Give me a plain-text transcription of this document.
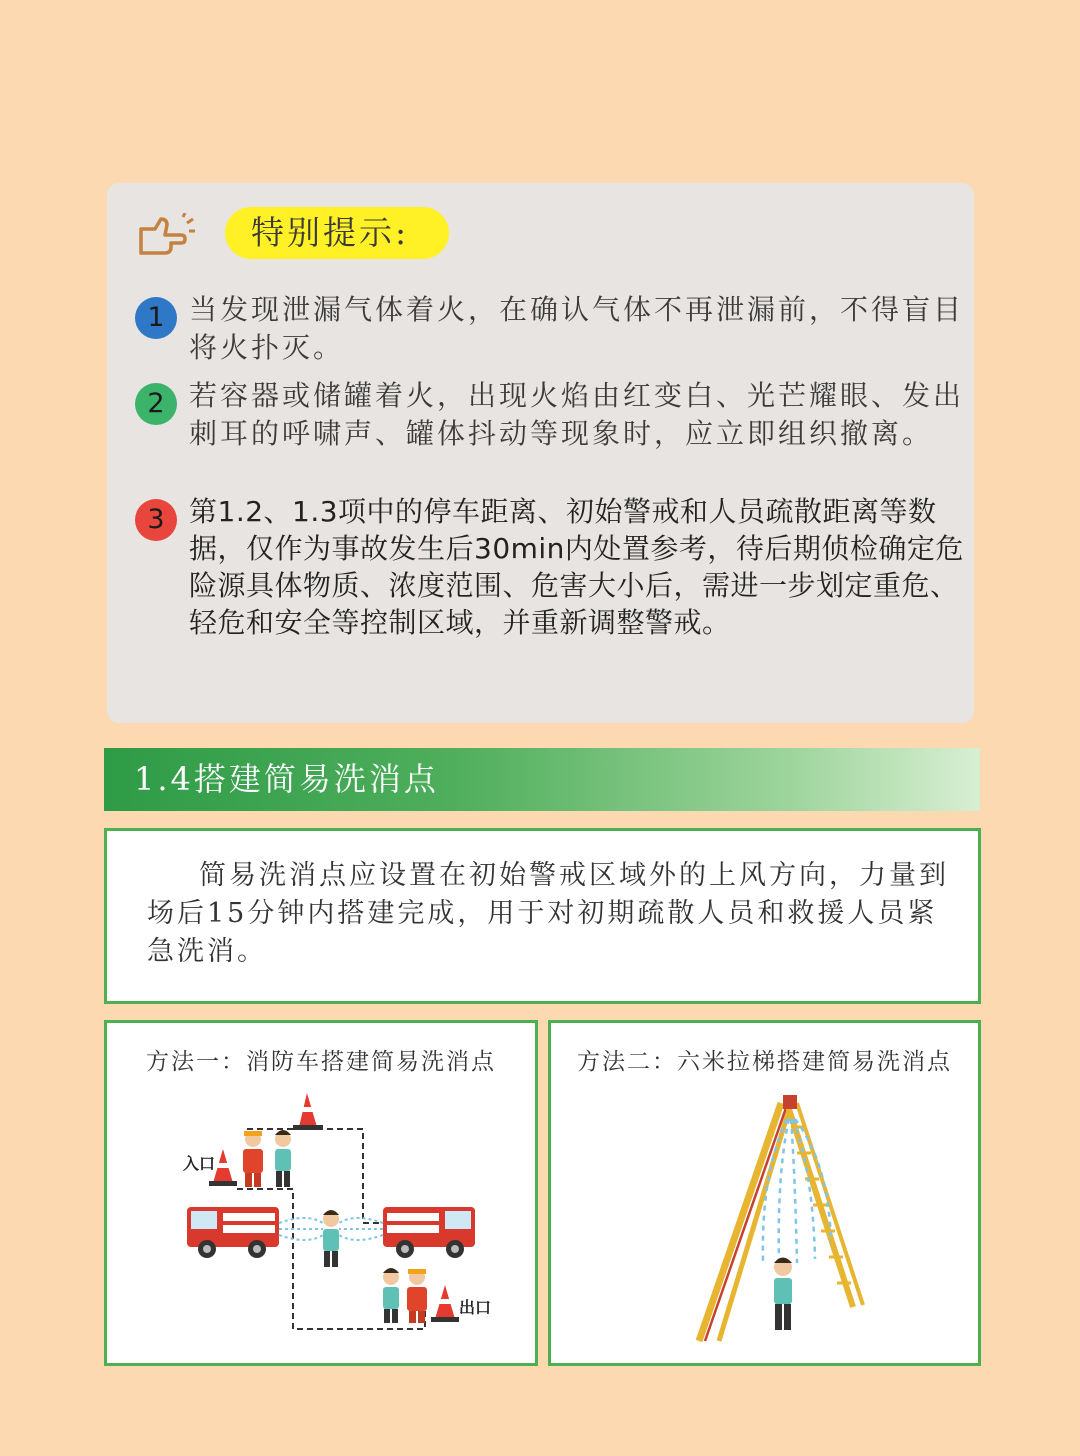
特别提示:
1 当发现泄漏气体着火，在确认气体不再泄漏前，不得盲目将火扑灭。
2 若容器或储罐着火，出现火焰由红变白、光芒耀眼、发出刺耳的呼啸声、罐体抖动等现象时，应立即组织撤离。
3 第1.2、1.3项中的停车距离、初始警戒和人员疏散距离等数据，仅作为事故发生后30min内处置参考，待后期侦检确定危险源具体物质、浓度范围、危害大小后，需进一步划定重危、轻危和安全等控制区域，并重新调整警戒。
1.4搭建简易洗消点
简易洗消点应设置在初始警戒区域外的上风方向，力量到场后15分钟内搭建完成，用于对初期疏散人员和救援人员紧急洗消。
方法一：消防车搭建简易洗消点
入口
出口
方法二：六米拉梯搭建简易洗消点
